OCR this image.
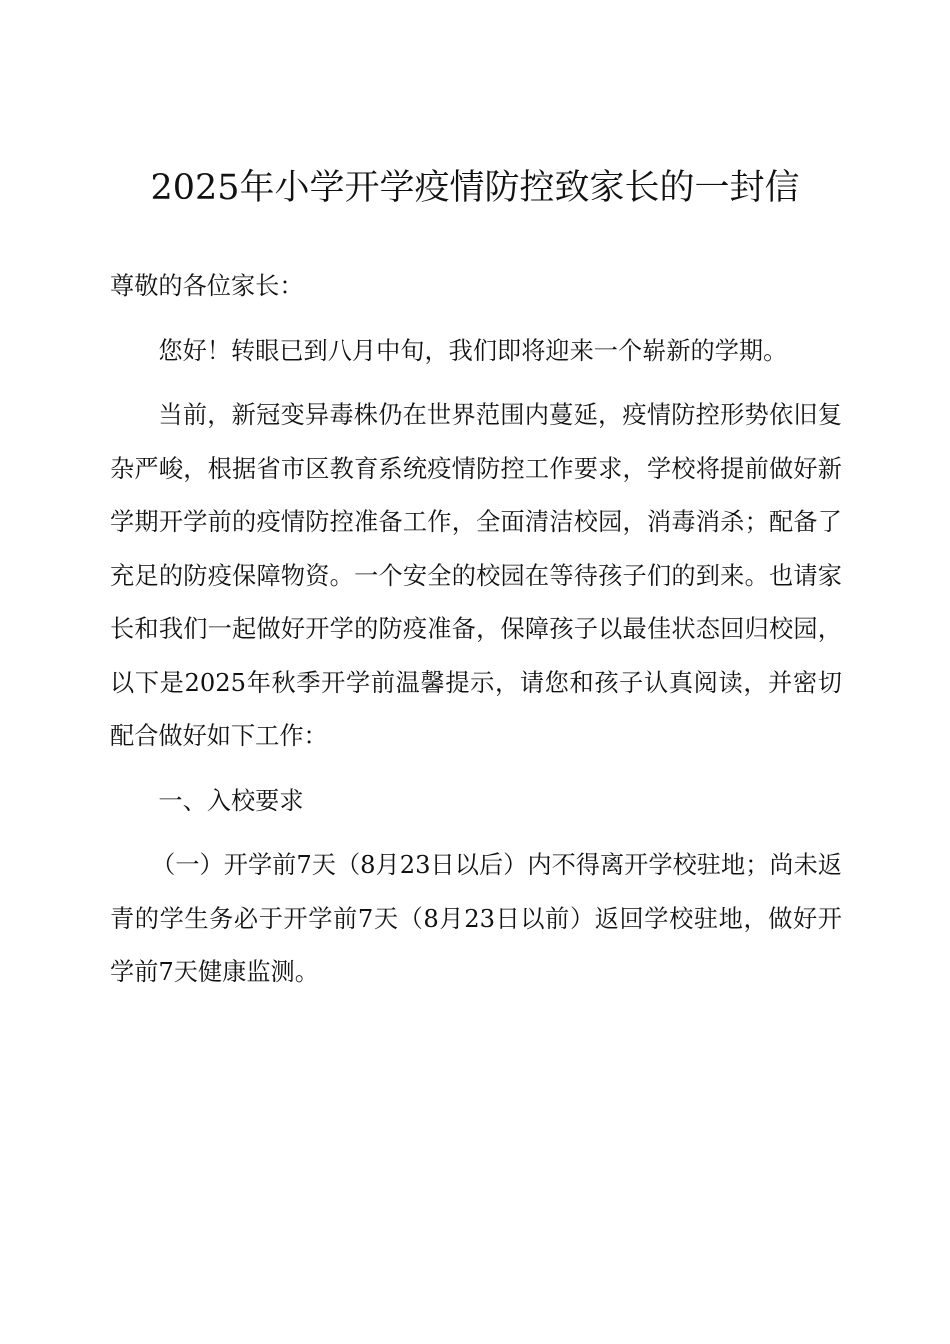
2025年小学开学疫情防控致家长的一封信

尊敬的各位家长：

您好！转眼已到八月中旬，我们即将迎来一个崭新的学期。

当前，新冠变异毒株仍在世界范围内蔓延，疫情防控形势依旧复杂严峻，根据省市区教育系统疫情防控工作要求，学校将提前做好新学期开学前的疫情防控准备工作，全面清洁校园，消毒消杀；配备了充足的防疫保障物资。一个安全的校园在等待孩子们的到来。也请家长和我们一起做好开学的防疫准备，保障孩子以最佳状态回归校园，以下是2025年秋季开学前温馨提示，请您和孩子认真阅读，并密切配合做好如下工作：

一、入校要求

（一）开学前7天（8月23日以后）内不得离开学校驻地；尚未返青的学生务必于开学前7天（8月23日以前）返回学校驻地，做好开学前7天健康监测。
